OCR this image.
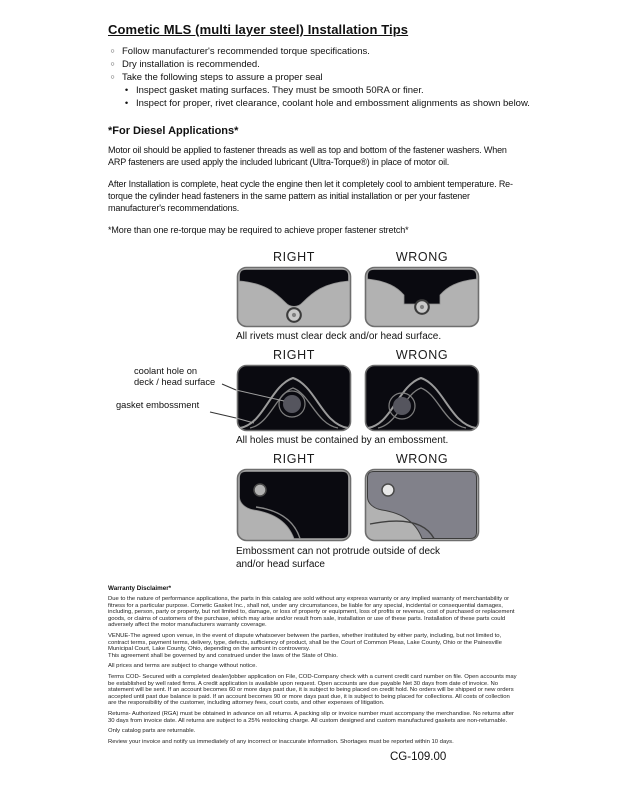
Cometic MLS (multi layer steel) Installation Tips
○ Follow manufacturer's recommended torque specifications.
○ Dry installation is recommended.
○ Take the following steps to assure a proper seal
• Inspect gasket mating surfaces. They must be smooth 50RA or finer.
• Inspect for proper, rivet clearance, coolant hole and embossment alignments as shown below.
*For Diesel Applications*

Motor oil should be applied to fastener threads as well as top and bottom of the fastener washers. When ARP fasteners are used apply the included lubricant (Ultra-Torque®) in place of motor oil.

After Installation is complete, heat cycle the engine then let it completely cool to ambient temperature. Re-torque the cylinder head fasteners in the same pattern as initial installation or per your fastener manufacturer's recommendations.

*More than one re-torque may be required to achieve proper fastener stretch*

RIGHT	WRONG
All rivets must clear deck and/or head surface.
RIGHT	WRONG
coolant hole on
deck / head surface
gasket embossment
All holes must be contained by an embossment.
RIGHT	WRONG
Embossment can not protrude outside of deck
and/or head surface
Warranty Disclaimer*

Due to the nature of performance applications, the parts in this catalog are sold without any express warranty or any implied warranty of merchantability or fitness for a particular purpose. Cometic Gasket Inc., shall not, under any circumstances, be liable for any special, incidental or consequential damages, including, person, party or property, but not limited to, damage, or loss of property or equipment, loss of profits or revenue, cost of purchased or replacement goods, or claims of customers of the purchase, which may arise and/or result from sale, installation or use of these parts. Installation of these parts could adversely affect the motor manufacturers warranty coverage.

VENUE-The agreed upon venue, in the event of dispute whatsoever between the parties, whether instituted by either party, including, but not limited to, contract terms, payment terms, delivery, type, defects, sufficiency of product, shall be the Court of Common Pleas, Lake County, Ohio or the Painesville Municipal Court, Lake County, Ohio, depending on the amount in controversy.

This agreement shall be governed by and construed under the laws of the State of Ohio.

All prices and terms are subject to change without notice.

Terms COD- Secured with a completed dealer/jobber application on File, COD-Company check with a current credit card number on file. Open accounts may be established by well rated firms. A credit application is available upon request. Open accounts are due payable Net 30 days from date of invoice. No statement will be sent. If an account becomes 60 or more days past due, it is subject to being placed on credit hold. No orders will be shipped or new orders accepted until past due balance is paid. If an account becomes 90 or more days past due, it is subject to being placed for collections. All costs of collection are the responsibility of the customer, including attorney fees, court costs, and other expenses of litigation.

Returns- Authorized (RGA) must be obtained in advance on all returns. A packing slip or invoice number must accompany the merchandise. No returns after 30 days from invoice date. All returns are subject to a 25% restocking charge. All custom designed and custom manufactured gaskets are non-returnable.

Only catalog parts are returnable.

Review your invoice and notify us immediately of any incorrect or inaccurate information. Shortages must be reported within 10 days.

CG-109.00
